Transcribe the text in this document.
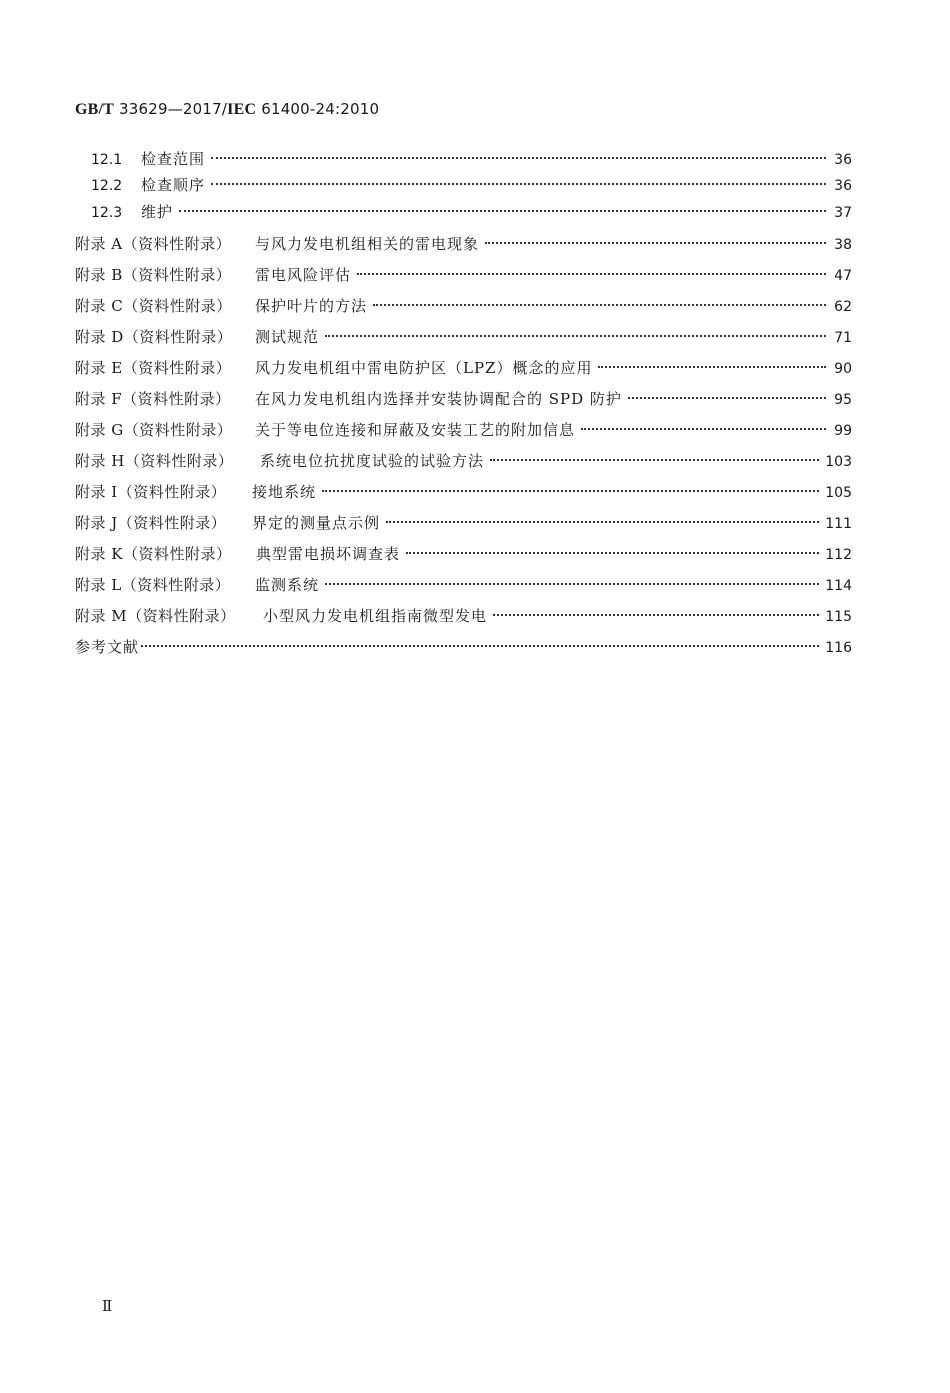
GB/T 33629—2017/IEC 61400-24:2010
12.1	检查范围	36
12.2	检查顺序	36
12.3	维护	37
附录 A（资料性附录）	与风力发电机组相关的雷电现象	38
附录 B（资料性附录）	雷电风险评估	47
附录 C（资料性附录）	保护叶片的方法	62
附录 D（资料性附录）	测试规范	71
附录 E（资料性附录）	风力发电机组中雷电防护区（LPZ）概念的应用	90
附录 F（资料性附录）	在风力发电机组内选择并安装协调配合的 SPD 防护	95
附录 G（资料性附录）	关于等电位连接和屏蔽及安装工艺的附加信息	99
附录 H（资料性附录）	系统电位抗扰度试验的试验方法	103
附录 I（资料性附录）	接地系统	105
附录 J（资料性附录）	界定的测量点示例	111
附录 K（资料性附录）	典型雷电损坏调查表	112
附录 L（资料性附录）	监测系统	114
附录 M（资料性附录）	小型风力发电机组指南微型发电	115
参考文献	116
Ⅱ
